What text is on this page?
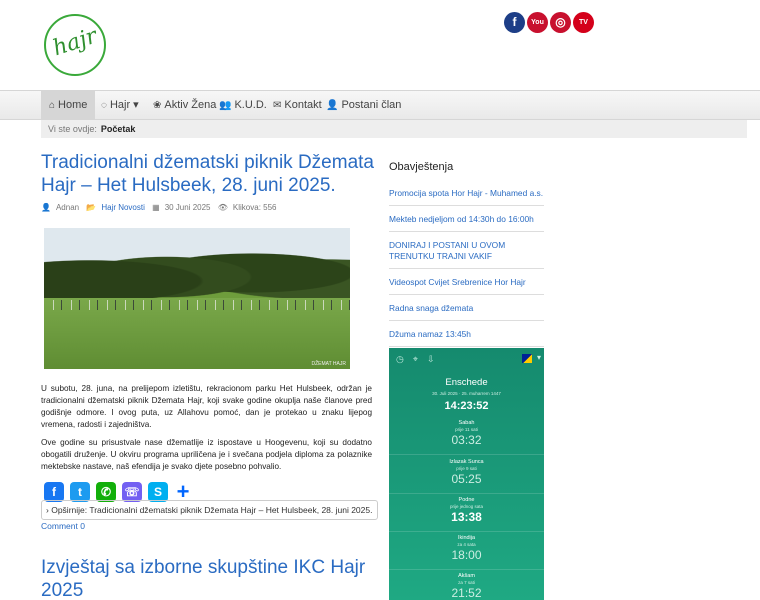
hajr
f	You ◎	TV
⌂ Home	◌ Hajr ▾ ❀ Aktiv Žena 👥 K.U.D. ✉ Kontakt 👤 Postani član
Vi ste ovdje: Početak
Tradicionalni džematski piknik Džemata Hajr – Het Hulsbeek, 28. juni 2025.
👤 Adnan 📂 Hajr Novosti ▦ 30 Juni 2025 👁 Klikova: 556
DŽEMAT HAJR

U subotu, 28. juna, na prelijepom izletištu, rekracionom parku Het Hulsbeek, održan je tradicionalni džematski piknik Džemata Hajr, koji svake godine okuplja naše članove pred godišnje odmore. I ovog puta, uz Allahovu pomoć, dan je protekao u znaku lijepog vremena, radosti i zajedništva.

Ove godine su prisustvale nase džematlije iz ispostave u Hoogevenu, koji su dodatno obogatili druženje. U okviru programa upriličena je i svečana podjela diploma za polaznike mektebske nastave, naš efendija je svako djete posebno pohvalio.

f	t	✆	☏	S +
› Opširnije: Tradicionalni džematski piknik Džemata Hajr – Het Hulsbeek, 28. juni 2025.
Comment 0
Izvještaj sa izborne skupštine IKC Hajr 2025
Obavještenja
Promocija spota Hor Hajr - Muhamed a.s.
Mekteb nedjeljom od 14:30h do 16:00h
DONIRAJ I POSTANI U OVOM TRENUTKU TRAJNI VAKIF
Videospot Cvijet Srebrenice Hor Hajr
Radna snaga džemata
Džuma namaz 13:45h
◷⌖⇩	▾
Enschede
30. Juli 2025 · 25. muharrem 1447
14:23:52
Sabah
prije 11 sati
03:32
Izlazak Sunca
prije 9 sati
05:25
Podne
prije jednog sata
13:38
Ikindija
za 4 sata
18:00
Akšam
za 7 sati
21:52
